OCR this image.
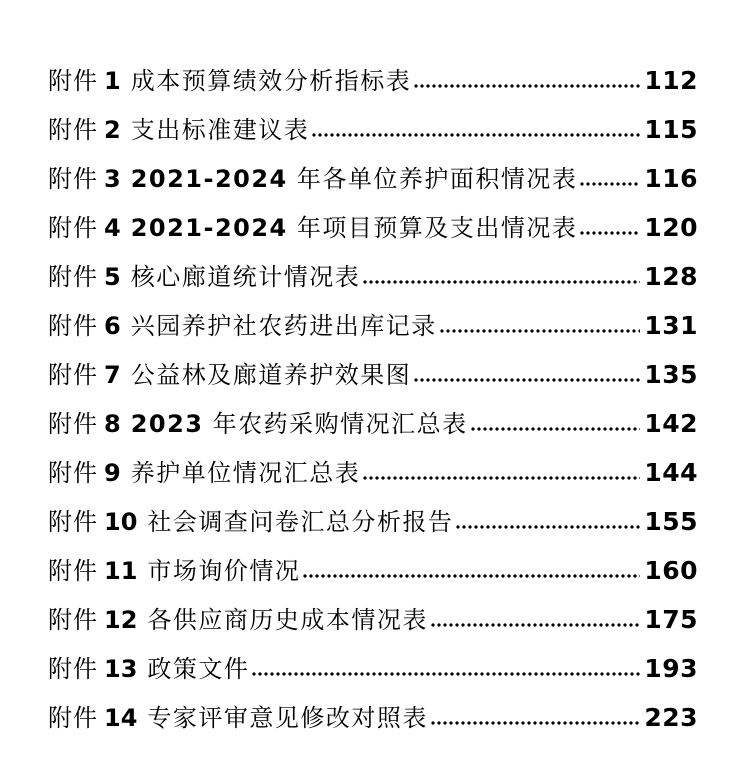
附件 1 成本预算绩效分析指标表	112
附件 2 支出标准建议表	115
附件 3 2021-2024 年各单位养护面积情况表	116
附件 4 2021-2024 年项目预算及支出情况表	120
附件 5 核心廊道统计情况表	128
附件 6 兴园养护社农药进出库记录	131
附件 7 公益林及廊道养护效果图	135
附件 8 2023 年农药采购情况汇总表	142
附件 9 养护单位情况汇总表	144
附件 10 社会调查问卷汇总分析报告	155
附件 11 市场询价情况	160
附件 12 各供应商历史成本情况表	175
附件 13 政策文件	193
附件 14 专家评审意见修改对照表	223
